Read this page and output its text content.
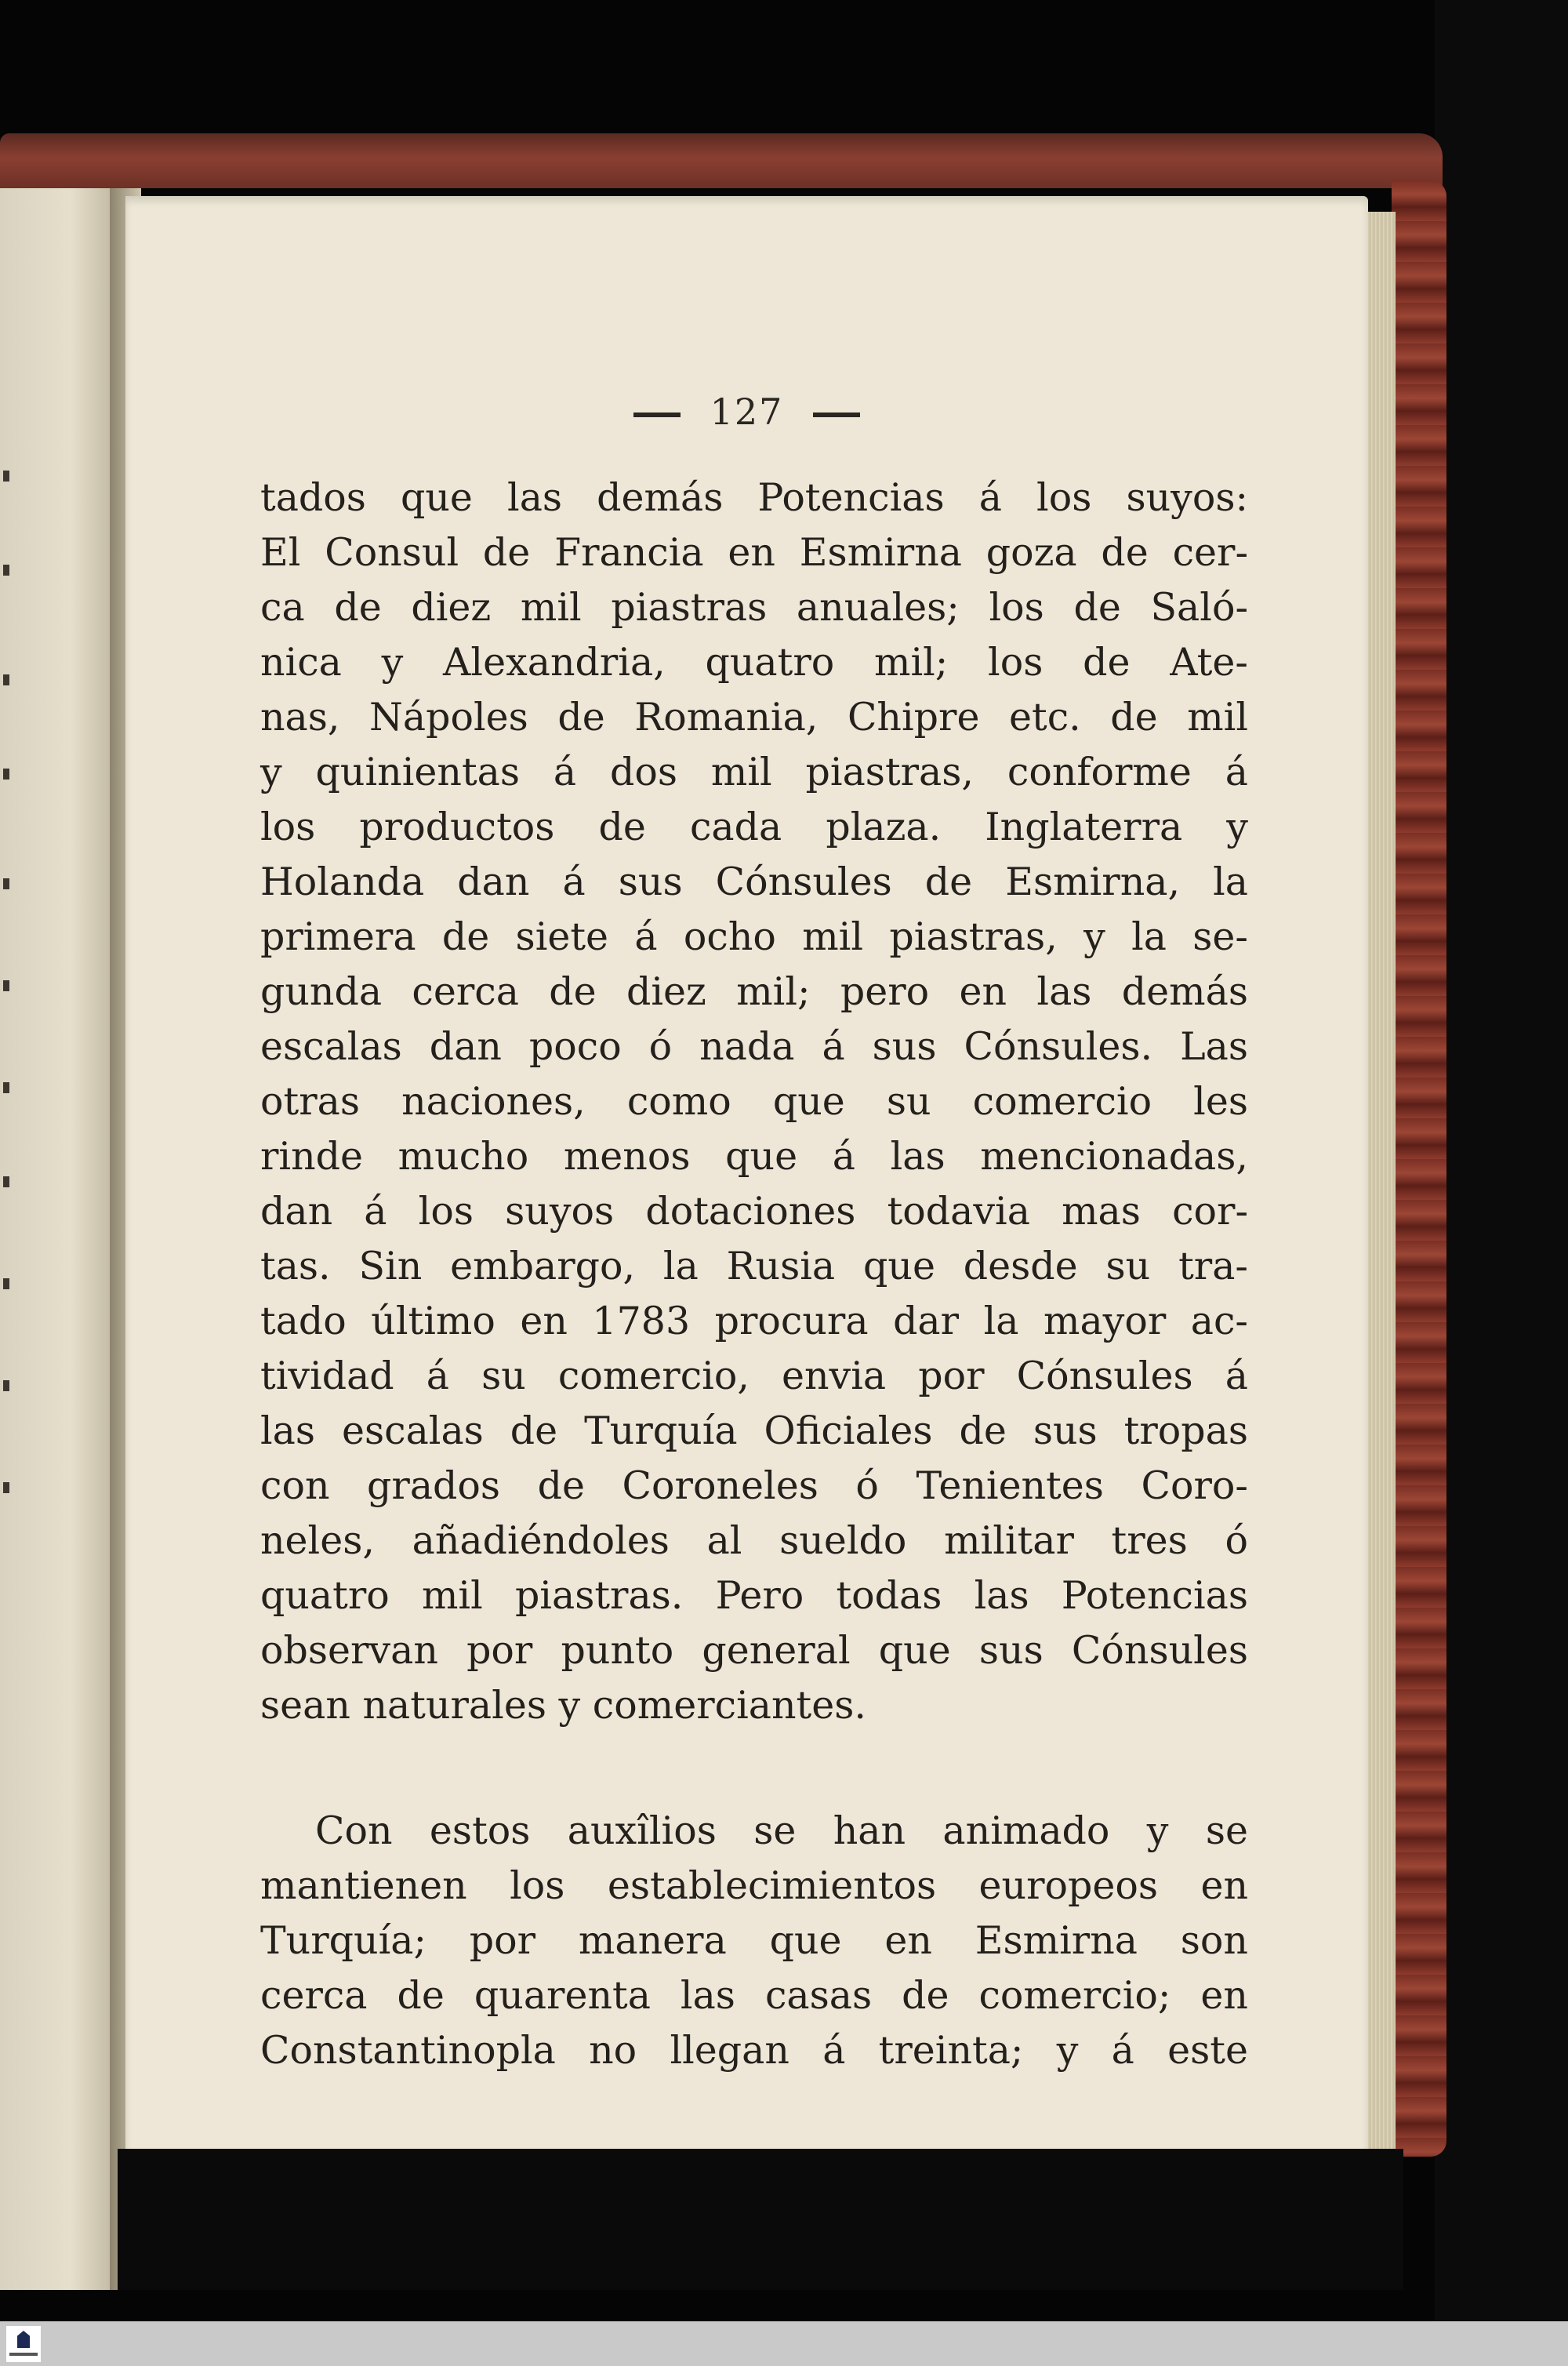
127
tados que las demás Potencias á los suyos:
El Consul de Francia en Esmirna goza de cer-
ca de diez mil piastras anuales; los de Saló-
nica y Alexandria, quatro mil; los de Ate-
nas, Nápoles de Romania, Chipre etc. de mil
y quinientas á dos mil piastras, conforme á
los productos de cada plaza. Inglaterra y
Holanda dan á sus Cónsules de Esmirna, la
primera de siete á ocho mil piastras, y la se-
gunda cerca de diez mil; pero en las demás
escalas dan poco ó nada á sus Cónsules. Las
otras naciones, como que su comercio les
rinde mucho menos que á las mencionadas,
dan á los suyos dotaciones todavia mas cor-
tas. Sin embargo, la Rusia que desde su tra-
tado último en 1783 procura dar la mayor ac-
tividad á su comercio, envia por Cónsules á
las escalas de Turquía Oficiales de sus tropas
con grados de Coroneles ó Tenientes Coro-
neles, añadiéndoles al sueldo militar tres ó
quatro mil piastras. Pero todas las Potencias
observan por punto general que sus Cónsules
sean naturales y comerciantes.
Con estos auxîlios se han animado y se
mantienen los establecimientos europeos en
Turquía; por manera que en Esmirna son
cerca de quarenta las casas de comercio; en
Constantinopla no llegan á treinta; y á este
